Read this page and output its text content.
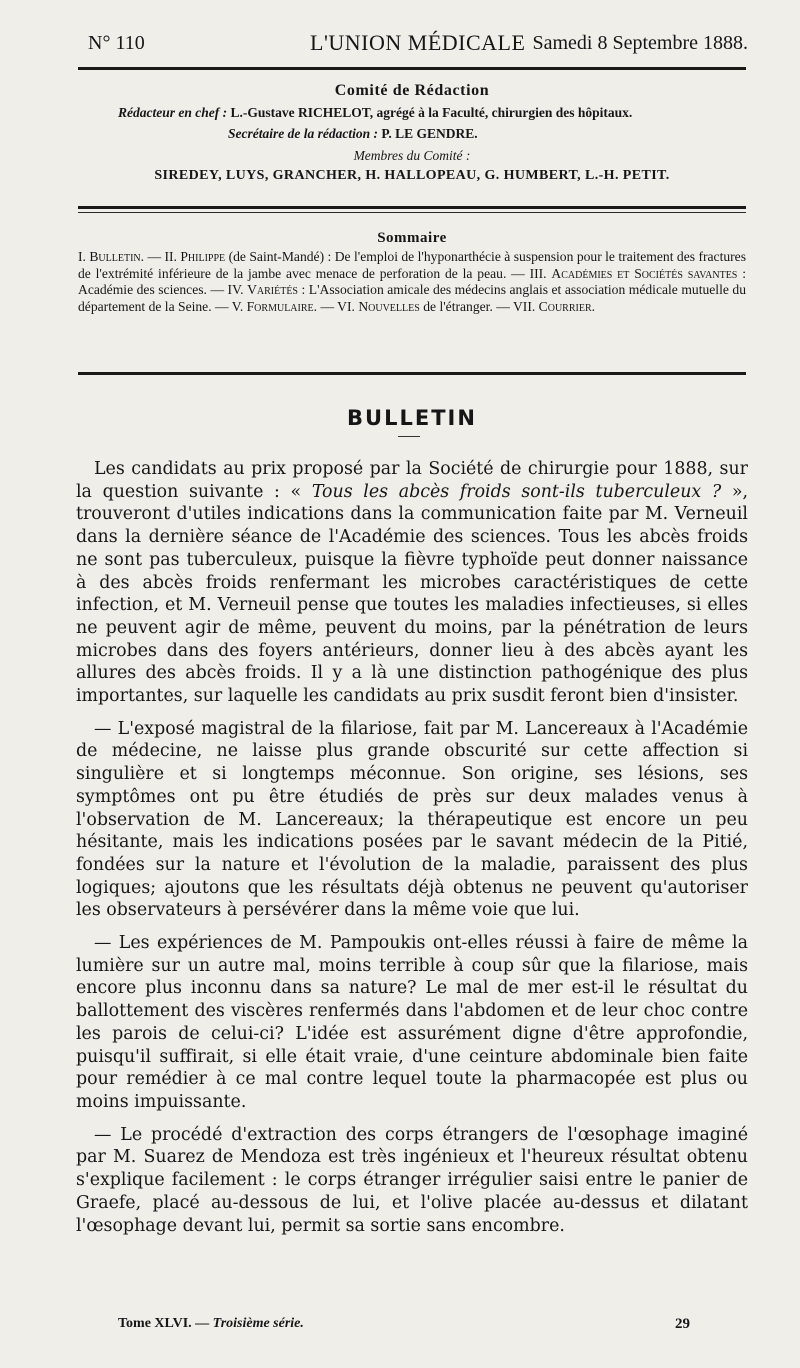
N° 110	L'UNION MÉDICALE Samedi 8 Septembre 1888.
Comité de Rédaction
Rédacteur en chef : L.-Gustave RICHELOT, agrégé à la Faculté, chirurgien des hôpitaux.
Secrétaire de la rédaction : P. LE GENDRE.
Membres du Comité :
SIREDEY, LUYS, GRANCHER, H. HALLOPEAU, G. HUMBERT, L.-H. PETIT.
Sommaire
I. Bulletin. — II. Philippe (de Saint-Mandé) : De l'emploi de l'hyponarthécie à suspension pour le traitement des fractures de l'extrémité inférieure de la jambe avec menace de perforation de la peau. — III. Académies et Sociétés savantes : Académie des sciences. — IV. Variétés : L'Association amicale des médecins anglais et association médicale mutuelle du département de la Seine. — V. Formulaire. — VI. Nouvelles de l'étranger. — VII. Courrier.
BULLETIN

Les candidats au prix proposé par la Société de chirurgie pour 1888, sur la question suivante : « Tous les abcès froids sont-ils tuberculeux ? », trouveront d'utiles indications dans la communication faite par M. Verneuil dans la dernière séance de l'Académie des sciences. Tous les abcès froids ne sont pas tuberculeux, puisque la fièvre typhoïde peut donner naissance à des abcès froids renfermant les microbes caractéristiques de cette infection, et M. Verneuil pense que toutes les maladies infectieuses, si elles ne peuvent agir de même, peuvent du moins, par la pénétration de leurs microbes dans des foyers antérieurs, donner lieu à des abcès ayant les allures des abcès froids. Il y a là une distinction pathogénique des plus importantes, sur laquelle les candidats au prix susdit feront bien d'insister.

— L'exposé magistral de la filariose, fait par M. Lancereaux à l'Académie de médecine, ne laisse plus grande obscurité sur cette affection si singulière et si longtemps méconnue. Son origine, ses lésions, ses symptômes ont pu être étudiés de près sur deux malades venus à l'observation de M. Lancereaux; la thérapeutique est encore un peu hésitante, mais les indications posées par le savant médecin de la Pitié, fondées sur la nature et l'évolution de la maladie, paraissent des plus logiques; ajoutons que les résultats déjà obtenus ne peuvent qu'autoriser les observateurs à persévérer dans la même voie que lui.

— Les expériences de M. Pampoukis ont-elles réussi à faire de même la lumière sur un autre mal, moins terrible à coup sûr que la filariose, mais encore plus inconnu dans sa nature? Le mal de mer est-il le résultat du ballottement des viscères renfermés dans l'abdomen et de leur choc contre les parois de celui-ci? L'idée est assurément digne d'être approfondie, puisqu'il suffirait, si elle était vraie, d'une ceinture abdominale bien faite pour remédier à ce mal contre lequel toute la pharmacopée est plus ou moins impuissante.

— Le procédé d'extraction des corps étrangers de l'œsophage imaginé par M. Suarez de Mendoza est très ingénieux et l'heureux résultat obtenu s'explique facilement : le corps étranger irrégulier saisi entre le panier de Graefe, placé au-dessous de lui, et l'olive placée au-dessus et dilatant l'œsophage devant lui, permit sa sortie sans encombre.

Tome XLVI. — Troisième série.	29
